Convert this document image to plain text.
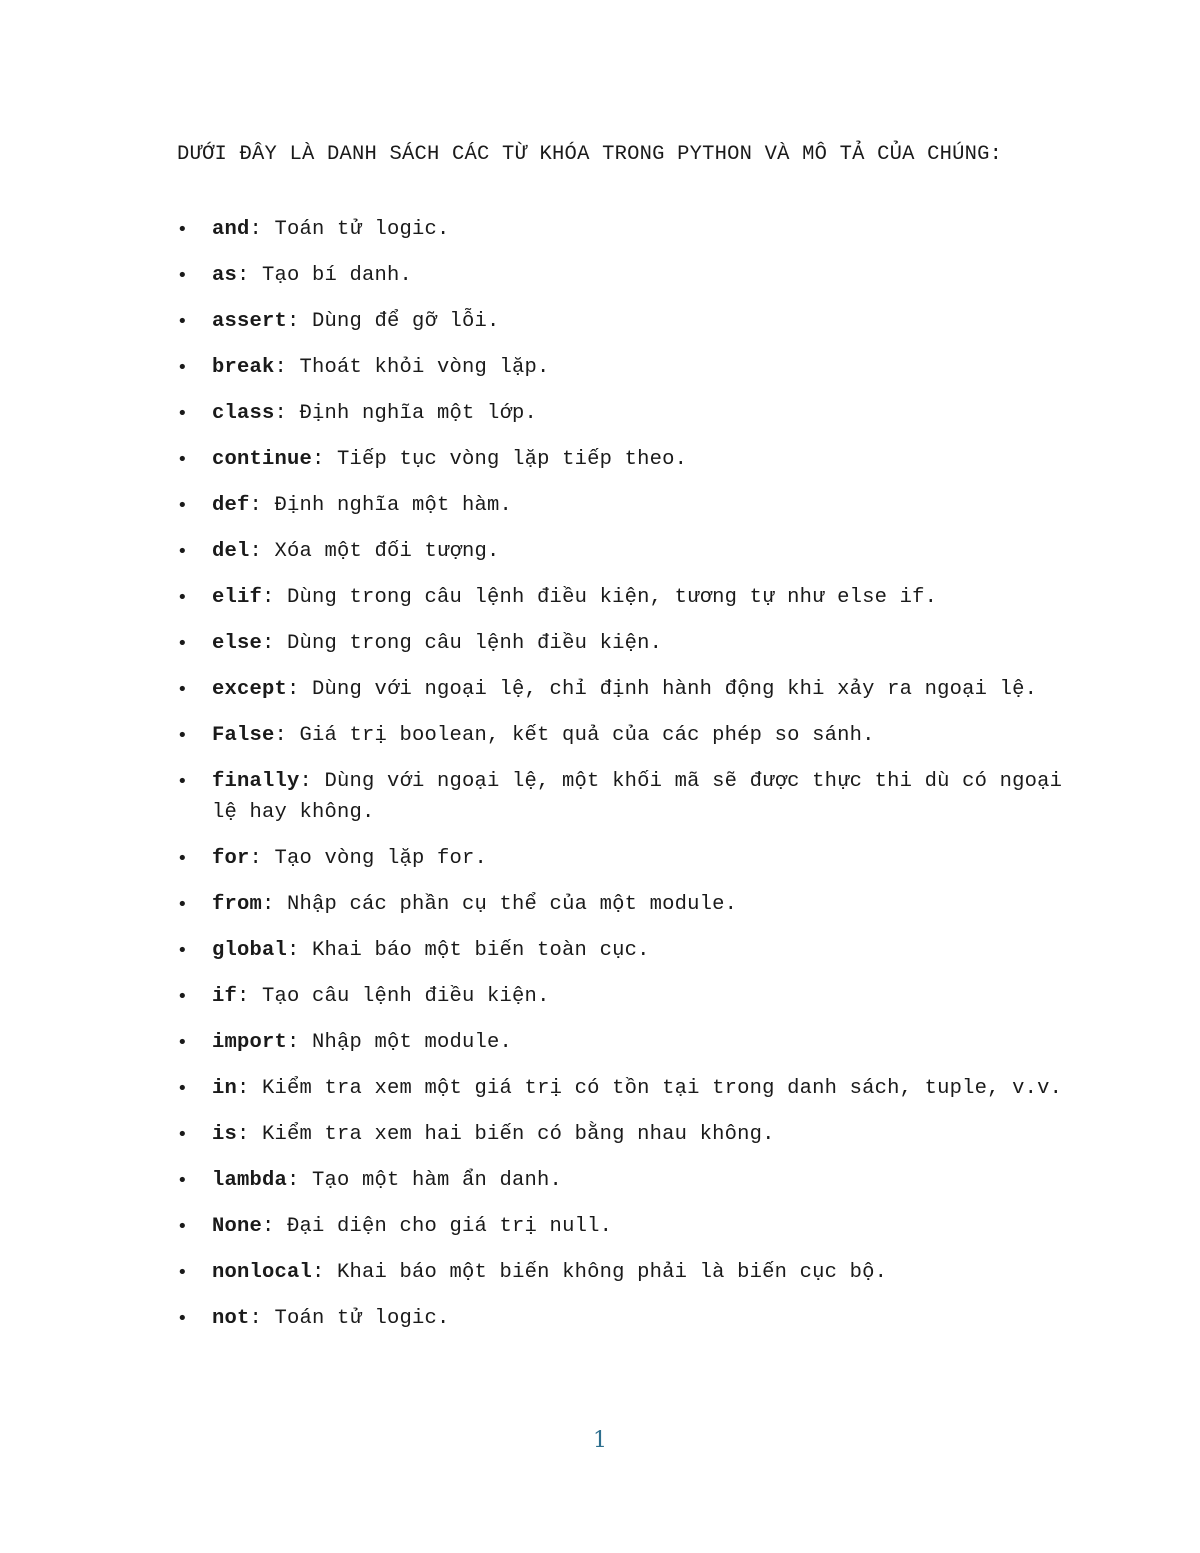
DƯỚI ĐÂY LÀ DANH SÁCH CÁC TỪ KHÓA TRONG PYTHON VÀ MÔ TẢ CỦA CHÚNG:

• and: Toán tử logic.
• as: Tạo bí danh.
• assert: Dùng để gỡ lỗi.
• break: Thoát khỏi vòng lặp.
• class: Định nghĩa một lớp.
• continue: Tiếp tục vòng lặp tiếp theo.
• def: Định nghĩa một hàm.
• del: Xóa một đối tượng.
• elif: Dùng trong câu lệnh điều kiện, tương tự như else if.
• else: Dùng trong câu lệnh điều kiện.
• except: Dùng với ngoại lệ, chỉ định hành động khi xảy ra ngoại lệ.
• False: Giá trị boolean, kết quả của các phép so sánh.
• finally: Dùng với ngoại lệ, một khối mã sẽ được thực thi dù có ngoại lệ hay không.
• for: Tạo vòng lặp for.
• from: Nhập các phần cụ thể của một module.
• global: Khai báo một biến toàn cục.
• if: Tạo câu lệnh điều kiện.
• import: Nhập một module.
• in: Kiểm tra xem một giá trị có tồn tại trong danh sách, tuple, v.v.
• is: Kiểm tra xem hai biến có bằng nhau không.
• lambda: Tạo một hàm ẩn danh.
• None: Đại diện cho giá trị null.
• nonlocal: Khai báo một biến không phải là biến cục bộ.
• not: Toán tử logic.
1
